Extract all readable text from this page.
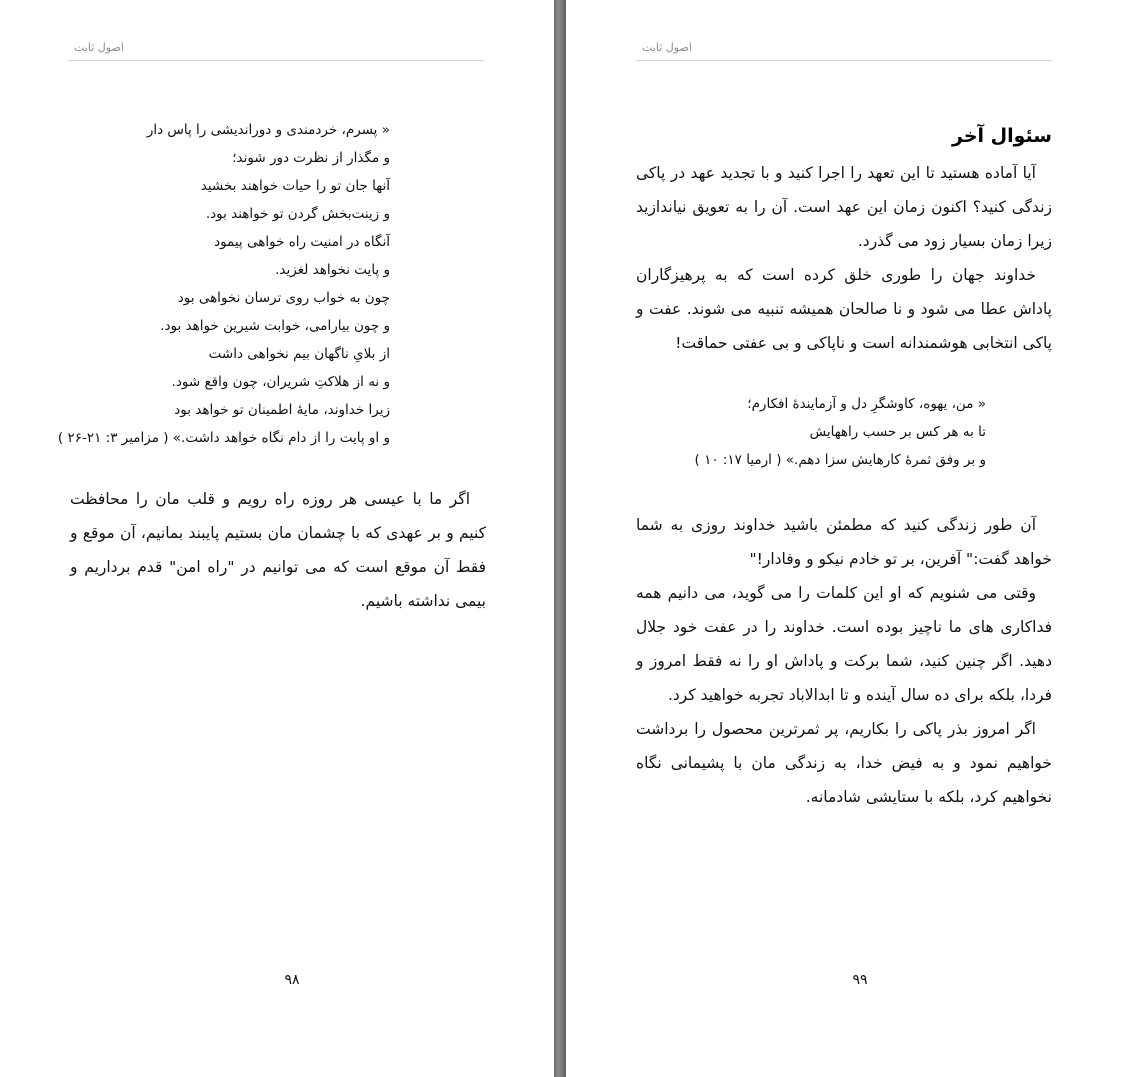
اصول ثابت
« پسرم، خردمندی و دوراندیشی را پاس دار
و مگذار از نظرت دور شوند؛
آنها جان تو را حیات خواهند بخشید
و زینت‌بخش گردن تو خواهند بود.
آنگاه در امنیت راه خواهی پیمود
و پایت نخواهد لغزید.
چون به خواب روی ترسان نخواهی بود
و چون بیارامی، خوابت شیرین خواهد بود.
از بلایِ ناگهان بیم نخواهی داشت
و نه از هلاکتِ شریران، چون واقع شود.
زیرا خداوند، مایهٔ اطمینان تو خواهد بود
و او پایت را از دام نگاه خواهد داشت.» ( مزامیر ۳: ۲۱-۲۶ )

اگر ما با عیسی هر روزه راه رویم و قلب مان را محافظت کنیم و بر عهدی که با چشمان مان بستیم پایبند بمانیم، آن موقع و فقط آن موقع است که می توانیم در "راه امن" قدم برداریم و بیمی نداشته باشیم.

۹۸
اصول ثابت
سئوال آخر

آیا آماده هستید تا این تعهد را اجرا کنید و با تجدید عهد در پاکی زندگی کنید؟ اکنون زمان این عهد است. آن را به تعویق نیاندازید زیرا زمان بسیار زود می گذرد.

خداوند جهان را طوری خلق کرده است که به پرهیزگاران پاداش عطا می شود و نا صالحان همیشه تنبیه می شوند. عفت و پاکی انتخابی هوشمندانه است و ناپاکی و بی عفتی حماقت!

« من، یهوه، کاوشگرِ دل و آزمایندهٔ افکارم؛
تا به هر کس بر حسب راههایش
و بر وفق ثمرهٔ کارهایش سزا دهم.» ( ارمیا ۱۷: ۱۰ )

آن طور زندگی کنید که مطمئن باشید خداوند روزی به شما خواهد گفت:" آفرین، بر تو خادم نیکو و وفادار!"

وقتی می شنویم که او این کلمات را می گوید، می دانیم همه فداکاری های ما ناچیز بوده است. خداوند را در عفت خود جلال دهید. اگر چنین کنید، شما برکت و پاداش او را نه فقط امروز و فردا، بلکه برای ده سال آینده و تا ابدالاباد تجربه خواهید کرد.

اگر امروز بذر پاکی را بکاریم، پر ثمرترین محصول را برداشت خواهیم نمود و به فیض خدا، به زندگی مان با پشیمانی نگاه نخواهیم کرد، بلکه با ستایشی شادمانه.

۹۹
